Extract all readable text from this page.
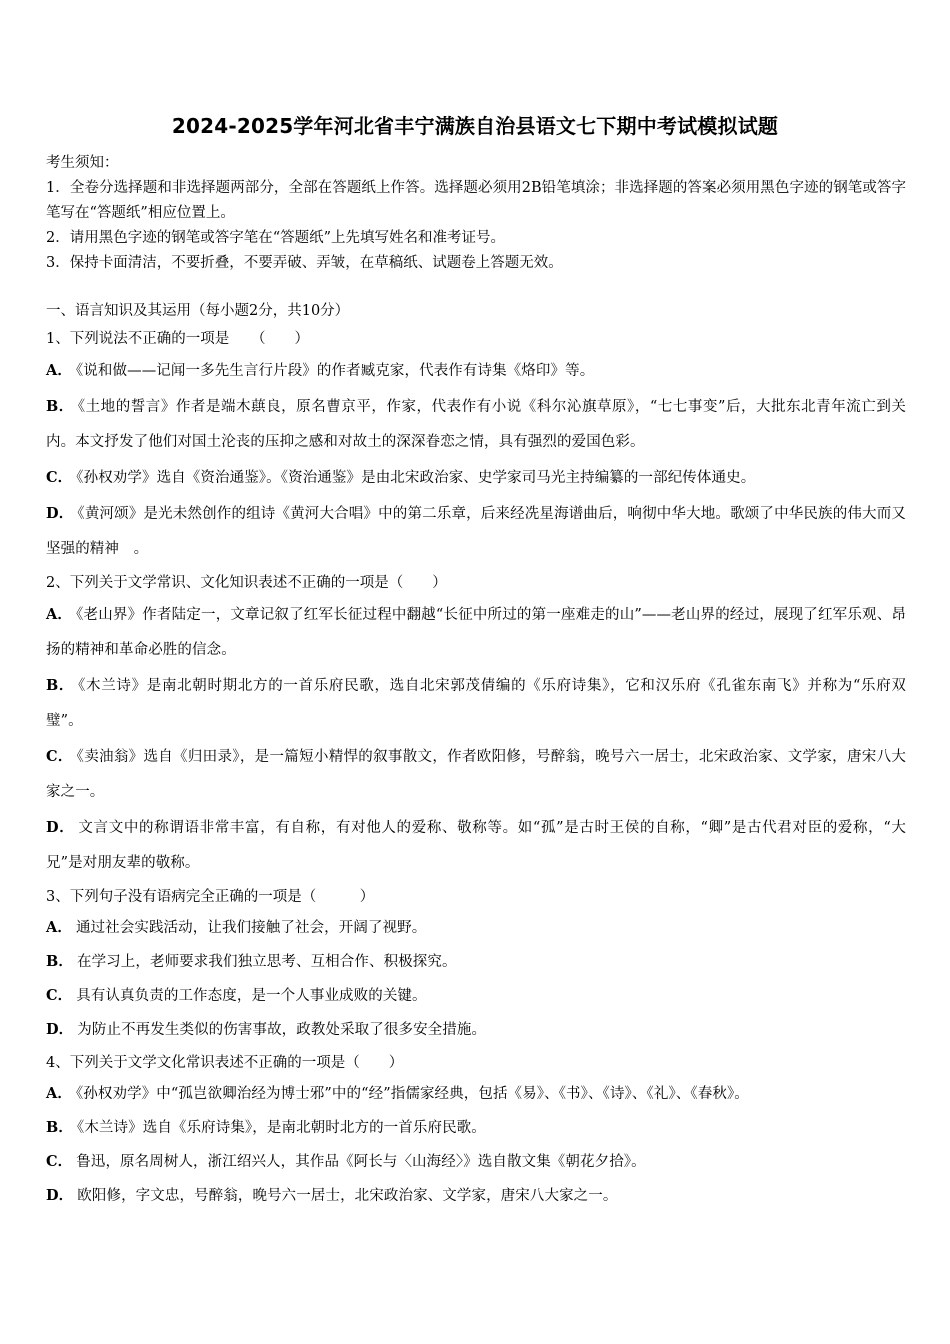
2024-2025学年河北省丰宁满族自治县语文七下期中考试模拟试题
考生须知：
1．全卷分选择题和非选择题两部分，全部在答题纸上作答。选择题必须用2B铅笔填涂；非选择题的答案必须用黑色字迹的钢笔或答字笔写在“答题纸”相应位置上。
2．请用黑色字迹的钢笔或答字笔在“答题纸”上先填写姓名和准考证号。
3．保持卡面清洁，不要折叠，不要弄破、弄皱，在草稿纸、试题卷上答题无效。
一、语言知识及其运用（每小题2分，共10分）
1、下列说法不正确的一项是　　（　　）
A． 《说和做——记闻一多先生言行片段》的作者臧克家，代表作有诗集《烙印》等。
B． 《土地的誓言》作者是端木蕻良，原名曹京平，作家，代表作有小说《科尔沁旗草原》，“七七事变”后，大批东北青年流亡到关内。本文抒发了他们对国土沦丧的压抑之感和对故土的深深眷恋之情，具有强烈的爱国色彩。
C． 《孙权劝学》选自《资治通鉴》。《资治通鉴》是由北宋政治家、史学家司马光主持编纂的一部纪传体通史。
D． 《黄河颂》是光未然创作的组诗《黄河大合唱》中的第二乐章，后来经冼星海谱曲后，响彻中华大地。歌颂了中华民族的伟大而又坚强的精神　。
2、下列关于文学常识、文化知识表述不正确的一项是（　　）
A． 《老山界》作者陆定一，文章记叙了红军长征过程中翻越“长征中所过的第一座难走的山”——老山界的经过，展现了红军乐观、昂扬的精神和革命必胜的信念。
B． 《木兰诗》是南北朝时期北方的一首乐府民歌，选自北宋郭茂倩编的《乐府诗集》，它和汉乐府《孔雀东南飞》并称为“乐府双璧”。
C． 《卖油翁》选自《归田录》，是一篇短小精悍的叙事散文，作者欧阳修，号醉翁，晚号六一居士，北宋政治家、文学家，唐宋八大家之一。
D． 文言文中的称谓语非常丰富，有自称，有对他人的爱称、敬称等。如“孤”是古时王侯的自称，“卿”是古代君对臣的爱称，“大兄”是对朋友辈的敬称。
3、下列句子没有语病完全正确的一项是（　　　）
A． 通过社会实践活动，让我们接触了社会，开阔了视野。
B． 在学习上，老师要求我们独立思考、互相合作、积极探究。
C． 具有认真负责的工作态度，是一个人事业成败的关键。
D． 为防止不再发生类似的伤害事故，政教处采取了很多安全措施。
4、下列关于文学文化常识表述不正确的一项是（　　）
A． 《孙权劝学》中“孤岂欲卿治经为博士邪”中的“经”指儒家经典，包括《易》、《书》、《诗》、《礼》、《春秋》。
B． 《木兰诗》选自《乐府诗集》，是南北朝时北方的一首乐府民歌。
C． 鲁迅，原名周树人，浙江绍兴人，其作品《阿长与〈山海经〉》选自散文集《朝花夕拾》。
D． 欧阳修，字文忠，号醉翁，晚号六一居士，北宋政治家、文学家，唐宋八大家之一。
